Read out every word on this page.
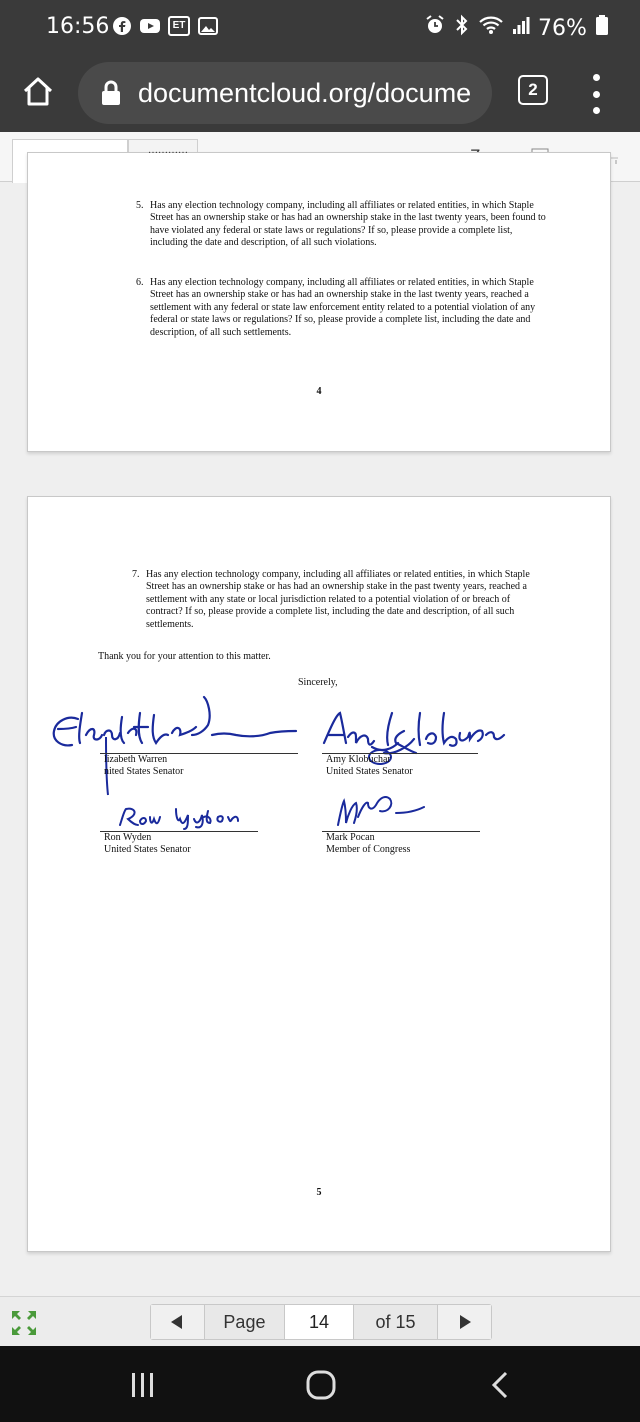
16:56	ET	76%
documentcloud.org/docume	2
…………
5. Has any election technology company, including all affiliates or related entities, in which Staple Street has an ownership stake or has had an ownership stake in the last twenty years, been found to have violated any federal or state laws or regulations? If so, please provide a complete list, including the date and description, of all such violations.
6. Has any election technology company, including all affiliates or related entities, in which Staple Street has an ownership stake or has had an ownership stake in the last twenty years, reached a settlement with any federal or state law enforcement entity related to a potential violation of any federal or state laws or regulations? If so, please provide a complete list, including the date and description, of all such settlements.
4
7. Has any election technology company, including all affiliates or related entities, in which Staple Street has an ownership stake or has had an ownership stake in the past twenty years, reached a settlement with any state or local jurisdiction related to a potential violation of or breach of contract? If so, please provide a complete list, including the date and description, of all such settlements.
Thank you for your attention to this matter.
Sincerely,
lizabeth Warren
nited States Senator
Amy Klobuchar
United States Senator
Ron Wyden
United States Senator
Mark Pocan
Member of Congress
5
Page	14	of 15
